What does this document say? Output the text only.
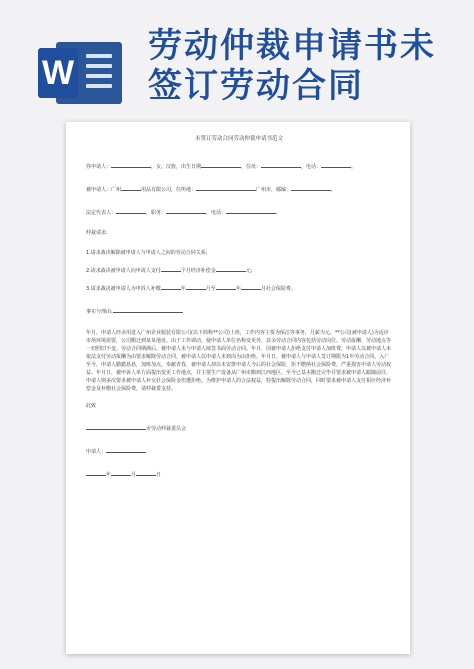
W
劳动仲裁申请书未
签订劳动合同
未签订劳动合同劳动仲裁申请书范文
你申请人：	，女，汉族，出生日期	，住址：	，电话：	。
被申请人：广州	用品有限公司，住所地：	广州市，邮编：	。
法定代表人：	，职务：	，电话：	。
仲裁请求:
1.请求裁决解除被申请人与申请人之间的劳动合同关系;
2.请求裁决被申请人向申请人支付	个月经济补偿金	元;
3.请求裁决被申请人为申诉人补缴	年	月至	年	月社会保险费。
事实与理由:
年月，申请人经录用进入广州企业服装有限公司(以下简称**公司)上班，工作内容主要为保洁等事务，月薪为元。**公司(被申请人)为适应市场环境需要，公司搬迁到某某地址。由于工作调动，使申请人单位名称变更外，其余劳动合同内容包括劳动岗位、劳动报酬、劳动地点等一切照旧不变。劳动合同期满后，被申请人未与申请人续签书面劳动合同。年月，因被申请人拒绝支付申请人加班费，申请人以被申请人未依法支付劳动报酬为由要求解除劳动合同，被申请人以申请人未到岗为由拒绝。年月日，被申请人与申请人签订期限为1年劳动合同，入厂至今，申请人勤勤恳恳，加班加点，奉献青春，被申请人却以未安排申请人今后的社会保险，拒不缴纳社会保险费，严重损害申请人劳动权益。年月日，被申诉人单方面提出变更工作地点，并主要生产设备从广州市搬到江西地区，至今已基本搬迁完毕并要求被申请人跟随前往，申请人则多次要求被申请人补交社会保险金但遭拒绝。为维护申请人的合法权益，特提出解除劳动合同，同时要求被申请人支付相应经济补偿金及补缴社会保险费，请仲裁委支持。
此致
市劳动仲裁委员会
申请人：
年	月	日
